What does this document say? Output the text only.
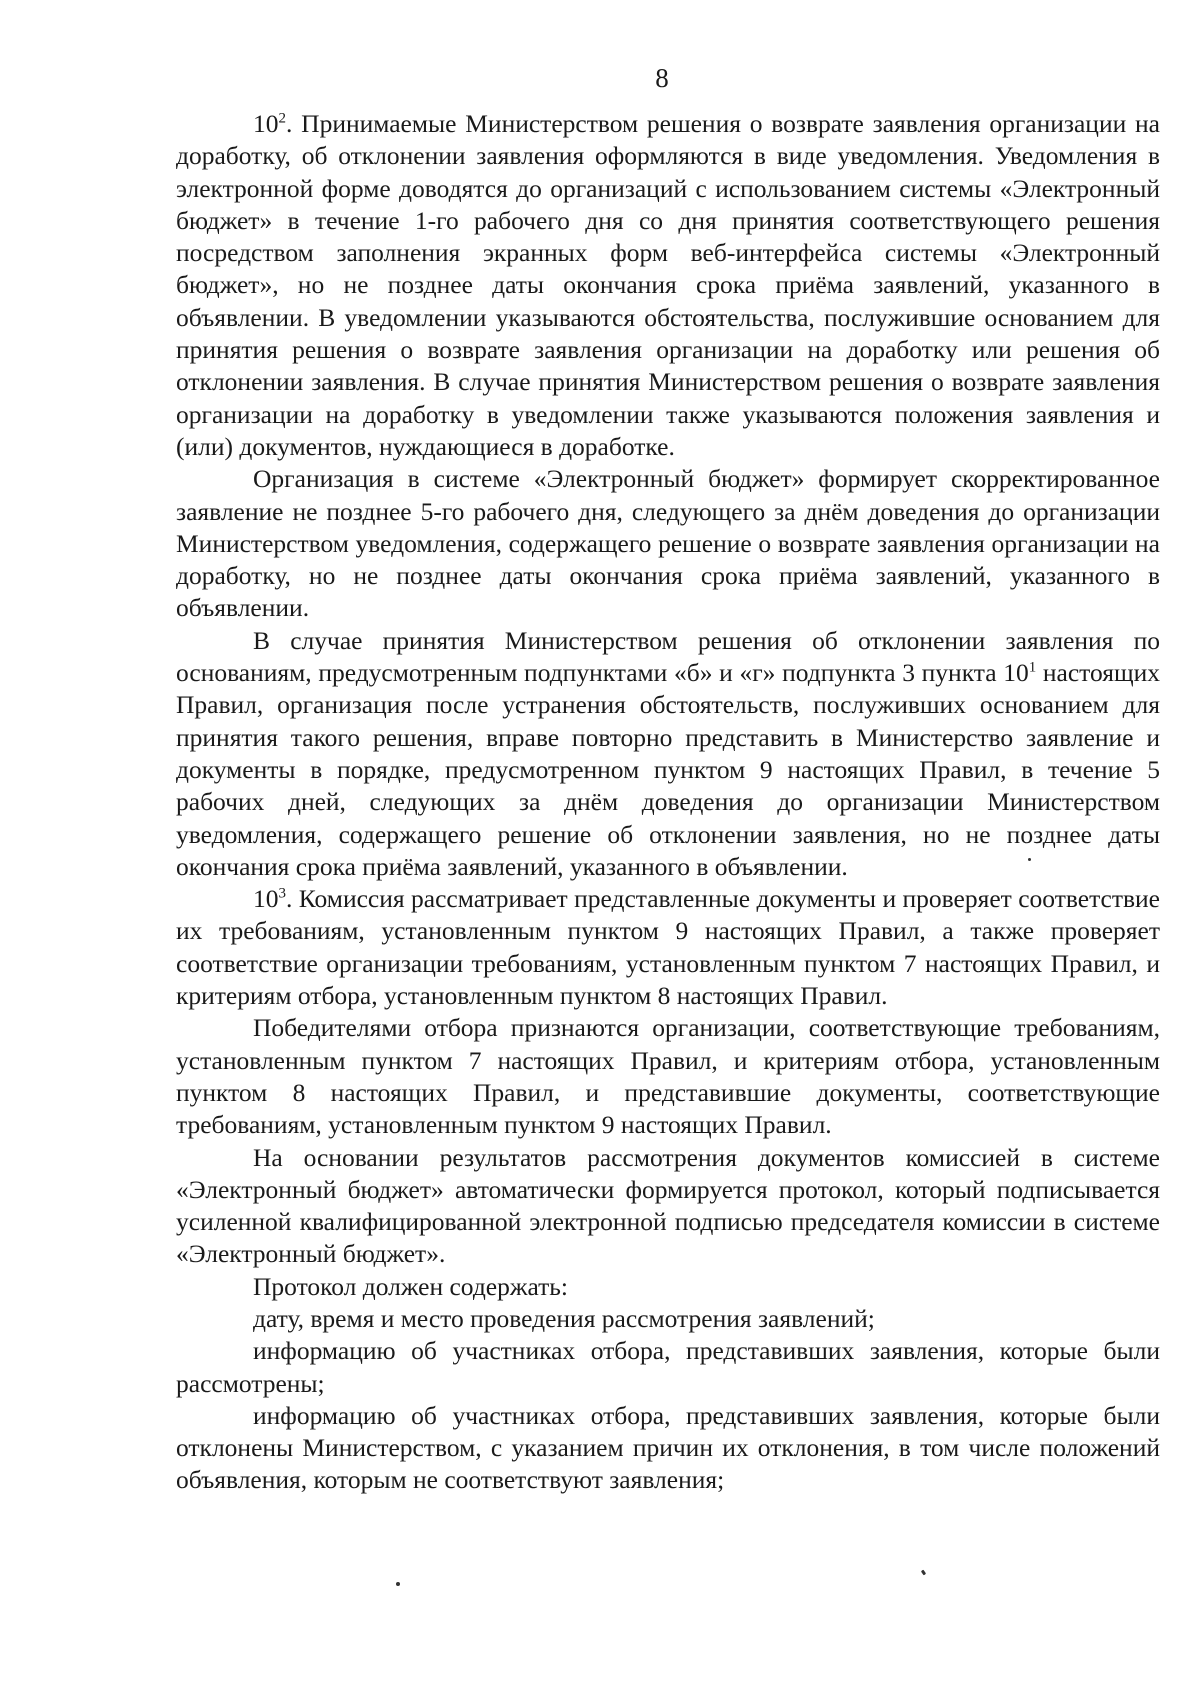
8

$10^2$. Принимаемые Министерством решения о возврате заявления организации на доработку, об отклонении заявления оформляются в виде уведомления. Уведомления в электронной форме доводятся до организаций с использованием системы «Электронный бюджет» в течение 1-го рабочего дня со дня принятия соответствующего решения посредством заполнения экранных форм веб-интерфейса системы «Электронный бюджет», но не позднее даты окончания срока приёма заявлений, указанного в объявлении. В уведомлении указываются обстоятельства, послужившие основанием для принятия решения о возврате заявления организации на доработку или решения об отклонении заявления. В случае принятия Министерством решения о возврате заявления организации на доработку в уведомлении также указываются положения заявления и (или) документов, нуждающиеся в доработке.

Организация в системе «Электронный бюджет» формирует скорректированное заявление не позднее 5-го рабочего дня, следующего за днём доведения до организации Министерством уведомления, содержащего решение о возврате заявления организации на доработку, но не позднее даты окончания срока приёма заявлений, указанного в объявлении.

В случае принятия Министерством решения об отклонении заявления по основаниям, предусмотренным подпунктами «б» и «г» подпункта 3 пункта $10^1$ настоящих Правил, организация после устранения обстоятельств, послуживших основанием для принятия такого решения, вправе повторно представить в Министерство заявление и документы в порядке, предусмотренном пунктом 9 настоящих Правил, в течение 5 рабочих дней, следующих за днём доведения до организации Министерством уведомления, содержащего решение об отклонении заявления, но не позднее даты окончания срока приёма заявлений, указанного в объявлении.

$10^3$. Комиссия рассматривает представленные документы и проверяет соответствие их требованиям, установленным пунктом 9 настоящих Правил, а также проверяет соответствие организации требованиям, установленным пунктом 7 настоящих Правил, и критериям отбора, установленным пунктом 8 настоящих Правил.

Победителями отбора признаются организации, соответствующие требованиям, установленным пунктом 7 настоящих Правил, и критериям отбора, установленным пунктом 8 настоящих Правил, и представившие документы, соответствующие требованиям, установленным пунктом 9 настоящих Правил.

На основании результатов рассмотрения документов комиссией в системе «Электронный бюджет» автоматически формируется протокол, который подписывается усиленной квалифицированной электронной подписью председателя комиссии в системе «Электронный бюджет».

Протокол должен содержать:

дату, время и место проведения рассмотрения заявлений;

информацию об участниках отбора, представивших заявления, которые были рассмотрены;

информацию об участниках отбора, представивших заявления, которые были отклонены Министерством, с указанием причин их отклонения, в том числе положений объявления, которым не соответствуют заявления;
